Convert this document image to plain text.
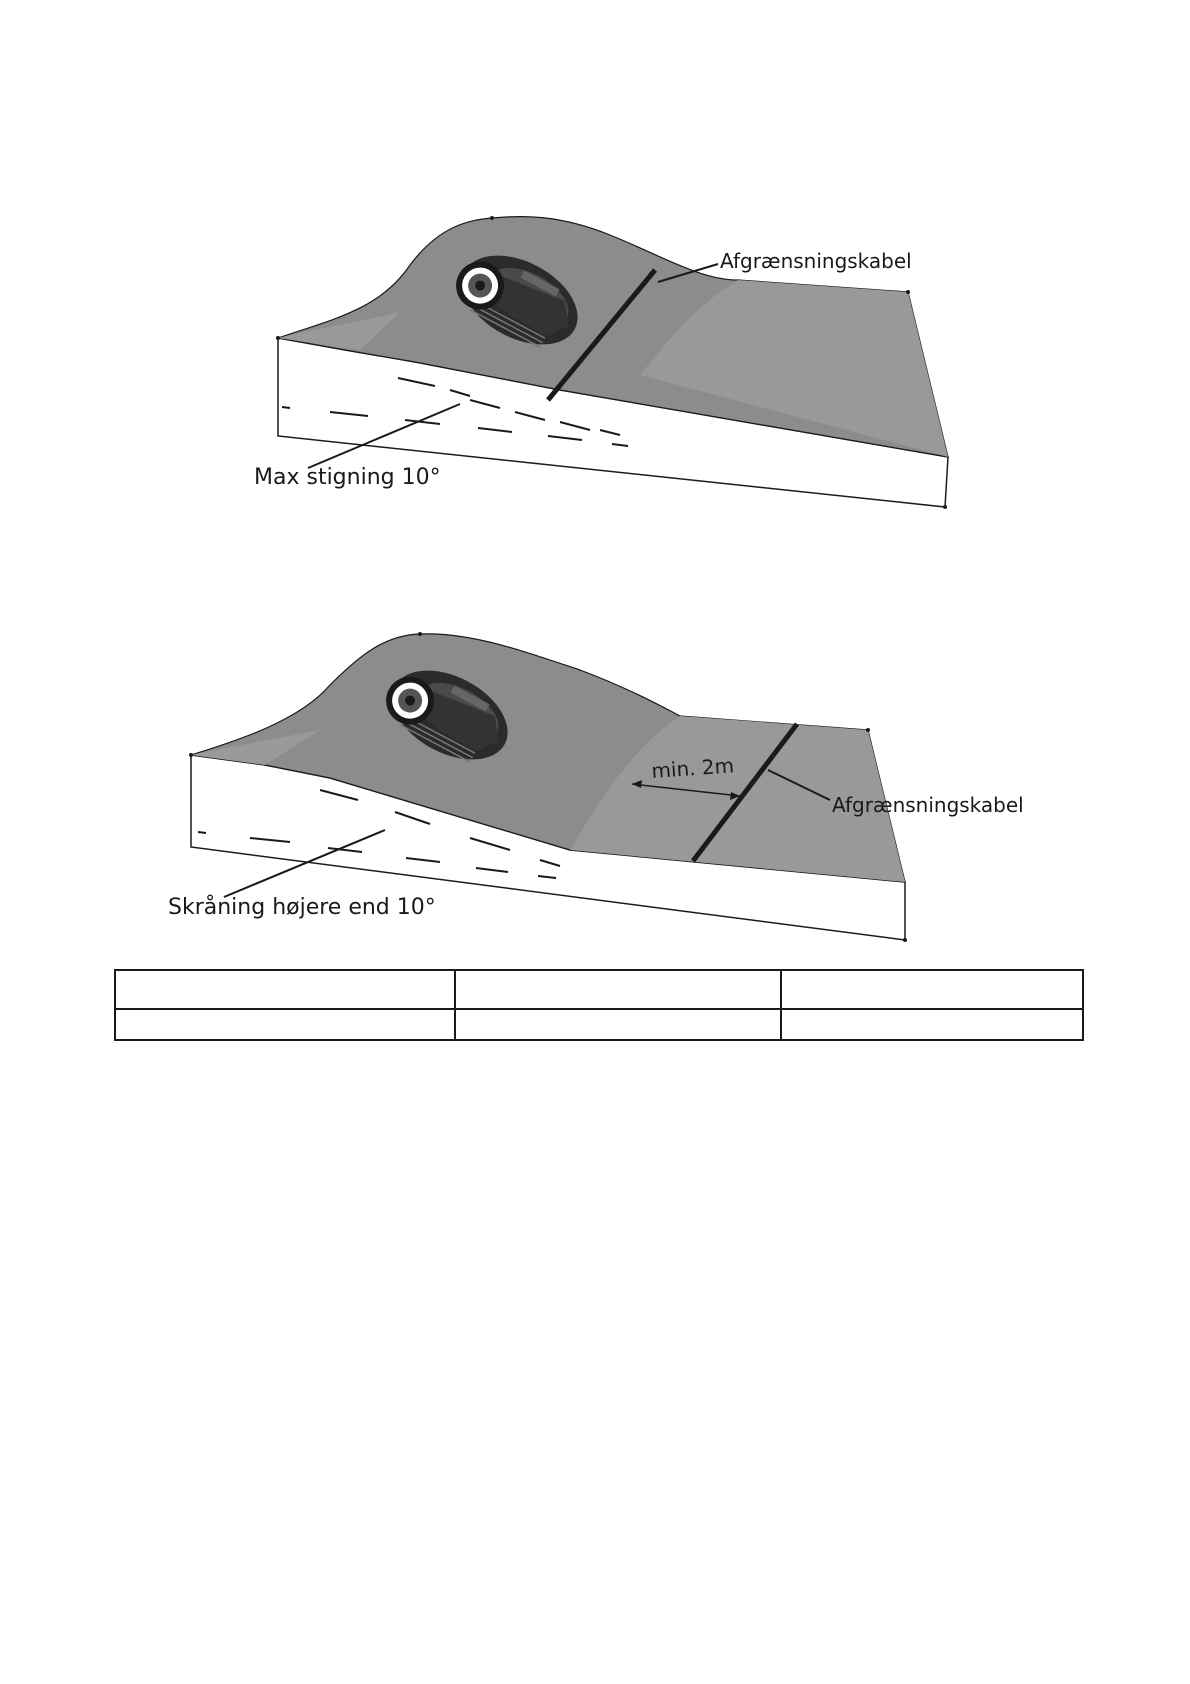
Afgrænsningskabel
Max stigning 10°
min. 2m
Afgrænsningskabel
Skråning højere end 10°
